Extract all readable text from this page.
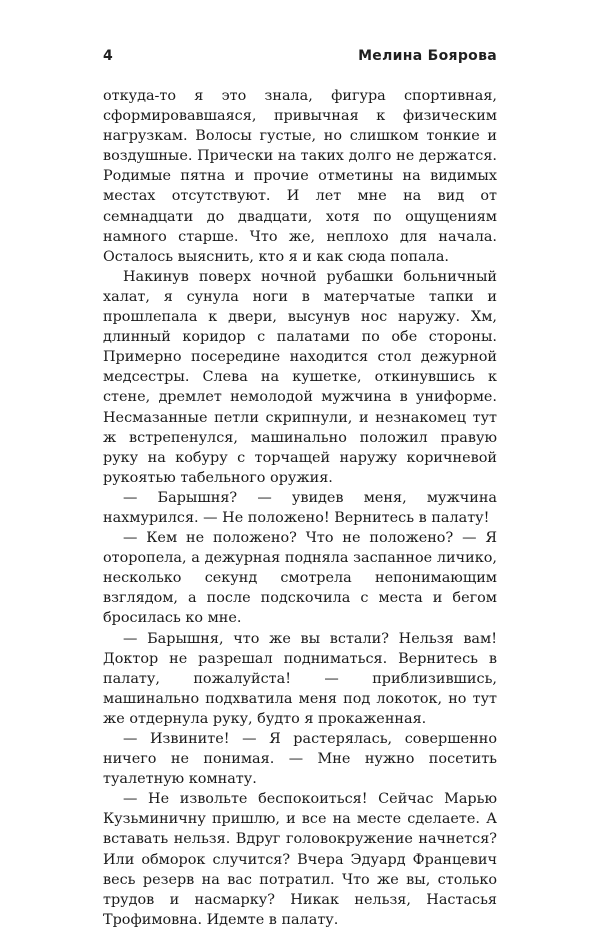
4	Мелина Боярова

откуда-то я это знала, фигура спортивная, сформировавшаяся, привычная к физическим нагрузкам. Волосы густые, но слишком тонкие и воздушные. Прически на таких долго не держатся. Родимые пятна и прочие отметины на видимых местах отсутствуют. И лет мне на вид от семнадцати до двадцати, хотя по ощущениям намного старше. Что же, неплохо для начала. Осталось выяснить, кто я и как сюда попала.

Накинув поверх ночной рубашки больничный халат, я сунула ноги в матерчатые тапки и прошлепала к двери, высунув нос наружу. Хм, длинный коридор с палатами по обе стороны. Примерно посередине находится стол дежурной медсестры. Слева на кушетке, откинувшись к стене, дремлет немолодой мужчина в униформе. Несмазанные петли скрипнули, и незнакомец тут ж встрепенулся, машинально положил правую руку на кобуру с торчащей наружу коричневой рукоятью табельного оружия.

— Барышня? — увидев меня, мужчина нахмурился. — Не положено! Вернитесь в палату!

— Кем не положено? Что не положено? — Я оторопела, а дежурная подняла заспанное личико, несколько секунд смотрела непонимающим взглядом, а после подскочила с места и бегом бросилась ко мне.

— Барышня, что же вы встали? Нельзя вам! Доктор не разрешал подниматься. Вернитесь в палату, пожалуйста! — приблизившись, машинально подхватила меня под локоток, но тут же отдернула руку, будто я прокаженная.

— Извините! — Я растерялась, совершенно ничего не понимая. — Мне нужно посетить туалетную комнату.

— Не извольте беспокоиться! Сейчас Марью Кузьминичну пришлю, и все на месте сделаете. А вставать нельзя. Вдруг головокружение начнется? Или обморок случится? Вчера Эдуард Францевич весь резерв на вас потратил. Что же вы, столько трудов и насмарку? Никак нельзя, Настасья Трофимовна. Идемте в палату.
